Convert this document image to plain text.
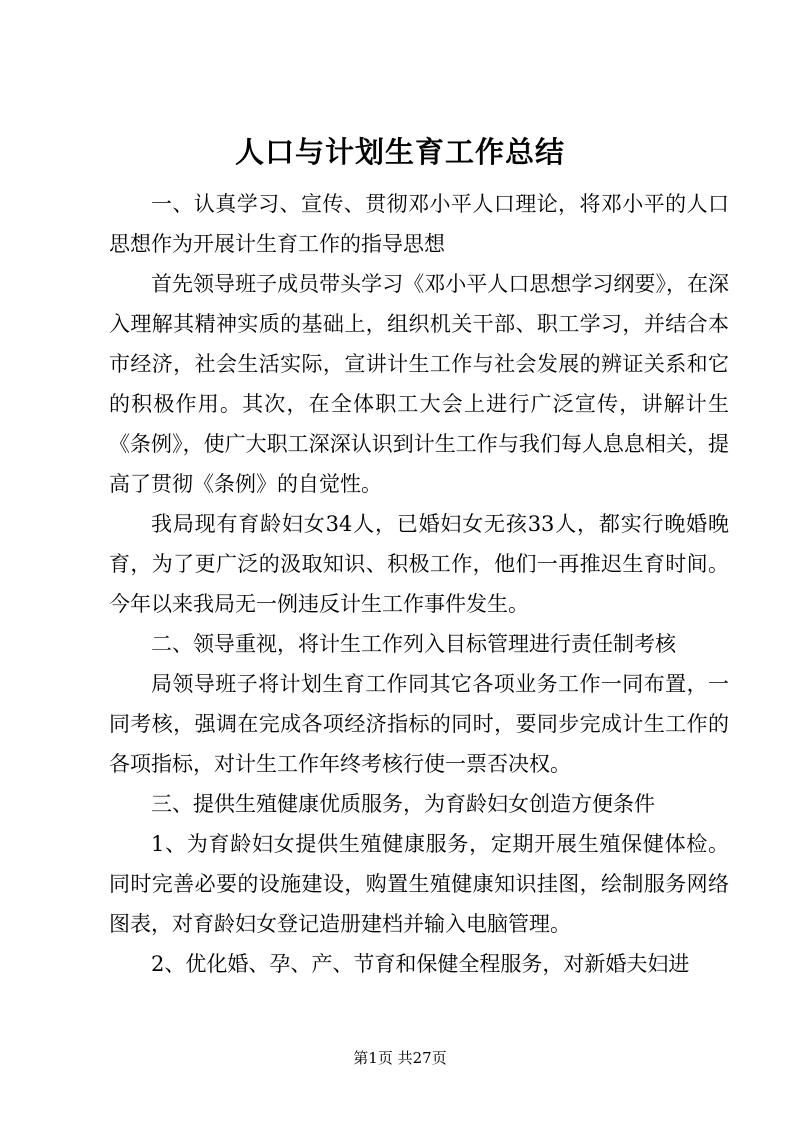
人口与计划生育工作总结

一、认真学习、宣传、贯彻邓小平人口理论，将邓小平的人口思想作为开展计生育工作的指导思想

首先领导班子成员带头学习《邓小平人口思想学习纲要》，在深入理解其精神实质的基础上，组织机关干部、职工学习，并结合本市经济，社会生活实际，宣讲计生工作与社会发展的辨证关系和它的积极作用。其次，在全体职工大会上进行广泛宣传，讲解计生《条例》，使广大职工深深认识到计生工作与我们每人息息相关，提高了贯彻《条例》的自觉性。

我局现有育龄妇女34人，已婚妇女无孩33人，都实行晚婚晚育，为了更广泛的汲取知识、积极工作，他们一再推迟生育时间。今年以来我局无一例违反计生工作事件发生。

二、领导重视，将计生工作列入目标管理进行责任制考核

局领导班子将计划生育工作同其它各项业务工作一同布置，一同考核，强调在完成各项经济指标的同时，要同步完成计生工作的各项指标，对计生工作年终考核行使一票否决权。

三、提供生殖健康优质服务，为育龄妇女创造方便条件

1、为育龄妇女提供生殖健康服务，定期开展生殖保健体检。同时完善必要的设施建设，购置生殖健康知识挂图，绘制服务网络图表，对育龄妇女登记造册建档并输入电脑管理。

2、优化婚、孕、产、节育和保健全程服务，对新婚夫妇进

第1页 共27页
